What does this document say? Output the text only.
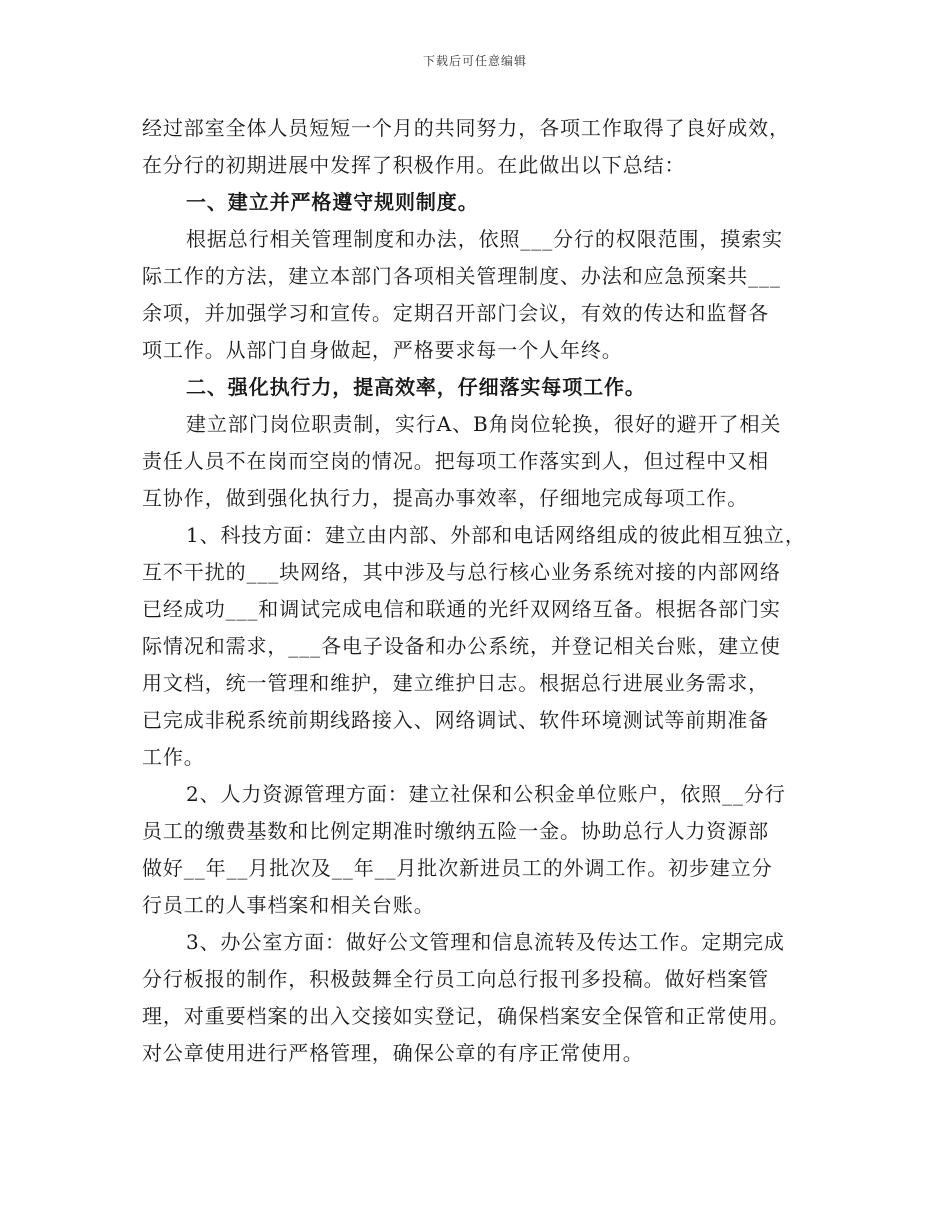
下载后可任意编辑
经过部室全体人员短短一个月的共同努力，各项工作取得了良好成效，
在分行的初期进展中发挥了积极作用。在此做出以下总结：
一、建立并严格遵守规则制度。
根据总行相关管理制度和办法，依照___分行的权限范围，摸索实
际工作的方法，建立本部门各项相关管理制度、办法和应急预案共___
余项，并加强学习和宣传。定期召开部门会议，有效的传达和监督各
项工作。从部门自身做起，严格要求每一个人年终。
二、强化执行力，提高效率，仔细落实每项工作。
建立部门岗位职责制，实行A、B角岗位轮换，很好的避开了相关
责任人员不在岗而空岗的情况。把每项工作落实到人，但过程中又相
互协作，做到强化执行力，提高办事效率，仔细地完成每项工作。
1、科技方面：建立由内部、外部和电话网络组成的彼此相互独立，
互不干扰的___块网络，其中涉及与总行核心业务系统对接的内部网络
已经成功___和调试完成电信和联通的光纤双网络互备。根据各部门实
际情况和需求，___各电子设备和办公系统，并登记相关台账，建立使
用文档，统一管理和维护，建立维护日志。根据总行进展业务需求，
已完成非税系统前期线路接入、网络调试、软件环境测试等前期准备
工作。
2、人力资源管理方面：建立社保和公积金单位账户，依照__分行
员工的缴费基数和比例定期准时缴纳五险一金。协助总行人力资源部
做好__年__月批次及__年__月批次新进员工的外调工作。初步建立分
行员工的人事档案和相关台账。
3、办公室方面：做好公文管理和信息流转及传达工作。定期完成
分行板报的制作，积极鼓舞全行员工向总行报刊多投稿。做好档案管
理，对重要档案的出入交接如实登记，确保档案安全保管和正常使用。
对公章使用进行严格管理，确保公章的有序正常使用。
